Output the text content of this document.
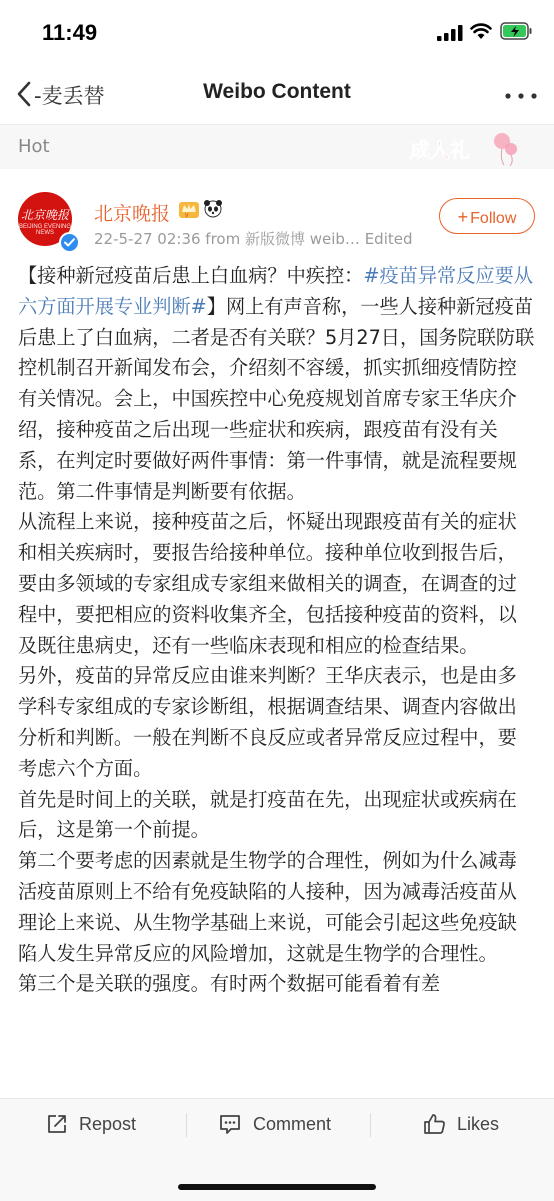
11:49
-麦丢替	Weibo Content
Hot	成人礼
北京晚报
BEIJING EVENING NEWS
北京晚报	V
22-5-27 02:36 from 新版微博 weib… Edited
+ Follow

【接种新冠疫苗后患上白血病？中疾控：#疫苗异常反应要从六方面开展专业判断#】网上有声音称，一些人接种新冠疫苗后患上了白血病，二者是否有关联？5月27日，国务院联防联控机制召开新闻发布会，介绍刻不容缓，抓实抓细疫情防控有关情况。会上，中国疾控中心免疫规划首席专家王华庆介绍，接种疫苗之后出现一些症状和疾病，跟疫苗有没有关系，在判定时要做好两件事情：第一件事情，就是流程要规范。第二件事情是判断要有依据。

从流程上来说，接种疫苗之后，怀疑出现跟疫苗有关的症状和相关疾病时，要报告给接种单位。接种单位收到报告后，要由多领域的专家组成专家组来做相关的调查，在调查的过程中，要把相应的资料收集齐全，包括接种疫苗的资料，以及既往患病史，还有一些临床表现和相应的检查结果。

另外，疫苗的异常反应由谁来判断？王华庆表示，也是由多学科专家组成的专家诊断组，根据调查结果、调查内容做出分析和判断。一般在判断不良反应或者异常反应过程中，要考虑六个方面。

首先是时间上的关联，就是打疫苗在先，出现症状或疾病在后，这是第一个前提。

第二个要考虑的因素就是生物学的合理性，例如为什么减毒活疫苗原则上不给有免疫缺陷的人接种，因为减毒活疫苗从理论上来说、从生物学基础上来说，可能会引起这些免疫缺陷人发生异常反应的风险增加，这就是生物学的合理性。

第三个是关联的强度。有时两个数据可能看着有差

Repost	Comment	Likes
